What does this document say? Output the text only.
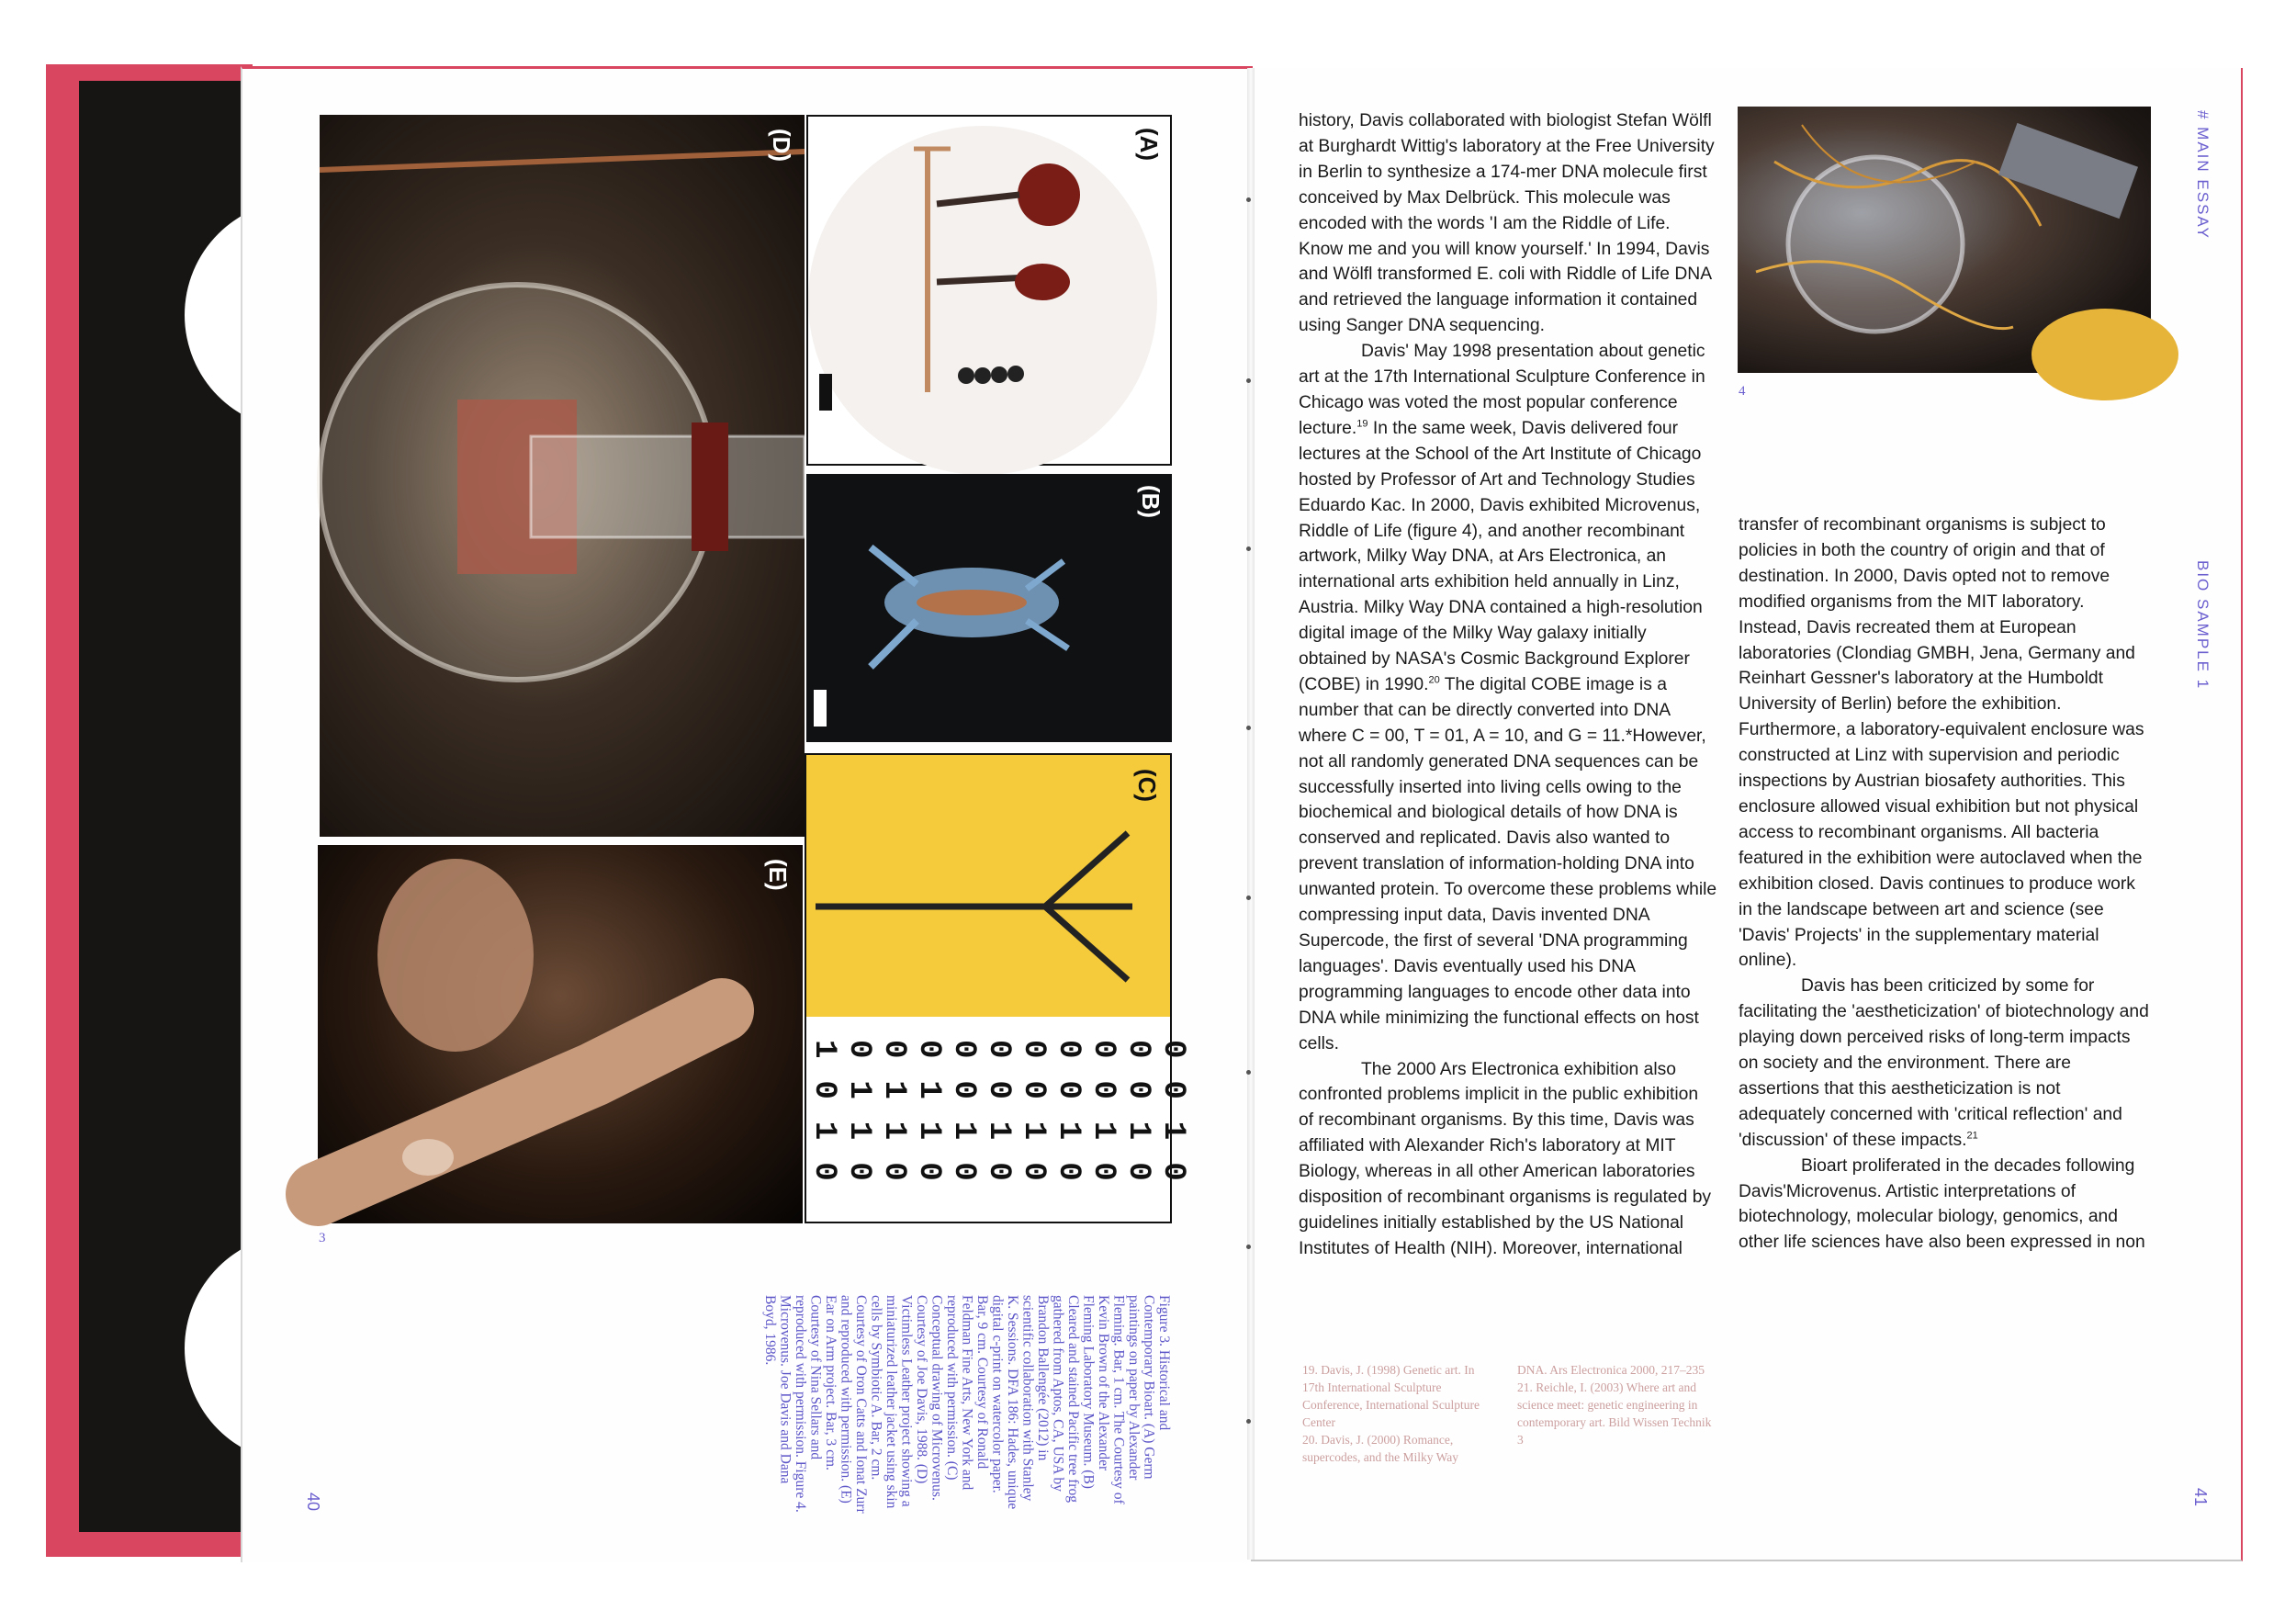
(D)	(A)
(B)
(C)
1010 0110 0110 0110 0010 0010 0010 0010 0010 0010 0010
(E)
3

Figure 3. Historical and Contemporary Bioart. (A) Germ paintings on paper by Alexander Fleming. Bar, 1 cm. The Courtesy of Kevin Brown of the Alexander Fleming Laboratory Museum. (B) Cleared and stained Pacific tree frog gathered from Aptos, CA, USA by Brandon Ballengée (2012) in scientific collaboration with Stanley K. Sessions. DFA 186: Hades, unique digital c-print on watercolor paper. Bar, 9 cm. Courtesy of Ronald Feldman Fine Arts, New York and reproduced with permission. (C) Conceptual drawing of Microvenus. Courtesy of Joe Davis, 1988. (D) Victimless Leather project showing a miniaturized leather jacket using skin cells by Symbiotic A. Bar, 2 cm. Courtesy of Oron Catts and Ionat Zurr and reproduced with permission. (E) Ear on Arm project. Bar, 3 cm. Courtesy of Nina Sellars and reproduced with permission. Figure 4. Microvenus. Joe Davis and Dana Boyd, 1986.

40

history, Davis collaborated with biologist Stefan Wölfl at Burghardt Wittig's laboratory at the Free University in Berlin to synthesize a 174-mer DNA molecule first conceived by Max Delbrück. This molecule was encoded with the words 'I am the Riddle of Life. Know me and you will know yourself.' In 1994, Davis and Wölfl transformed E. coli with Riddle of Life DNA and retrieved the language information it contained using Sanger DNA sequencing.

Davis' May 1998 presentation about genetic art at the 17th International Sculpture Conference in Chicago was voted the most popular conference lecture.$^{19}$ In the same week, Davis delivered four lectures at the School of the Art Institute of Chicago hosted by Professor of Art and Technology Studies Eduardo Kac. In 2000, Davis exhibited Microvenus, Riddle of Life (figure 4), and another recombinant artwork, Milky Way DNA, at Ars Electronica, an international arts exhibition held annually in Linz, Austria. Milky Way DNA contained a high-resolution digital image of the Milky Way galaxy initially obtained by NASA's Cosmic Background Explorer (COBE) in 1990.20 The digital COBE image is a number that can be directly converted into DNA where C = 00, T = 01, A = 10, and G = 11.*However, not all randomly generated DNA sequences can be successfully inserted into living cells owing to the biochemical and biological details of how DNA is conserved and replicated. Davis also wanted to prevent translation of information-holding DNA into unwanted protein. To overcome these problems while compressing input data, Davis invented DNA Supercode, the first of several 'DNA programming languages'. Davis eventually used his DNA programming languages to encode other data into DNA while minimizing the functional effects on host cells.

The 2000 Ars Electronica exhibition also confronted problems implicit in the public exhibition of recombinant organisms. By this time, Davis was affiliated with Alexander Rich's laboratory at MIT Biology, whereas in all other American laboratories disposition of recombinant organisms is regulated by guidelines initially established by the US National Institutes of Health (NIH). Moreover, international

4

transfer of recombinant organisms is subject to policies in both the country of origin and that of destination. In 2000, Davis opted not to remove modified organisms from the MIT laboratory. Instead, Davis recreated them at European laboratories (Clondiag GMBH, Jena, Germany and Reinhart Gessner's laboratory at the Humboldt University of Berlin) before the exhibition. Furthermore, a laboratory-equivalent enclosure was constructed at Linz with supervision and periodic inspections by Austrian biosafety authorities. This enclosure allowed visual exhibition but not physical access to recombinant organisms. All bacteria featured in the exhibition were autoclaved when the exhibition closed. Davis continues to produce work in the landscape between art and science (see 'Davis' Projects' in the supplementary material online).

Davis has been criticized by some for facilitating the 'aestheticization' of biotechnology and playing down perceived risks of long-term impacts on society and the environment. There are assertions that this aestheticization is not adequately concerned with 'critical reflection' and 'discussion' of these impacts.$^{21}$

Bioart proliferated in the decades following Davis'Microvenus. Artistic interpretations of biotechnology, molecular biology, genomics, and other life sciences have also been expressed in non

# MAIN ESSAY
BIO SAMPLE 1

19. Davis, J. (1998) Genetic art. In 17th International Sculpture Conference, International Sculpture Center
20. Davis, J. (2000) Romance, supercodes, and the Milky Way

DNA. Ars Electronica 2000, 217–235
21. Reichle, I. (2003) Where art and science meet: genetic engineering in contemporary art. Bild Wissen Technik 3

41
